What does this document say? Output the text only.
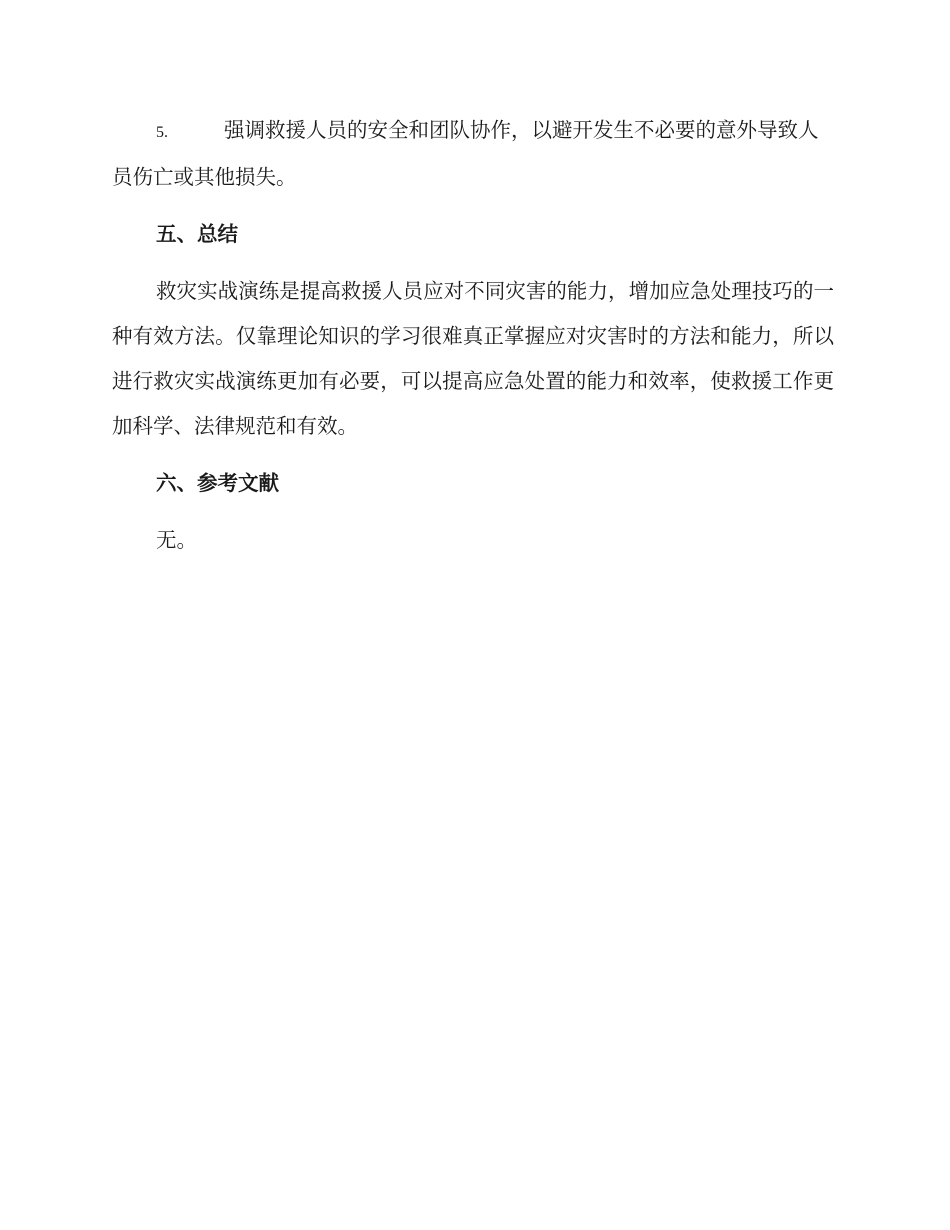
5.	强调救援人员的安全和团队协作，以避开发生不必要的意外导致人员伤亡或其他损失。

五、总结

救灾实战演练是提高救援人员应对不同灾害的能力，增加应急处理技巧的一种有效方法。仅靠理论知识的学习很难真正掌握应对灾害时的方法和能力，所以进行救灾实战演练更加有必要，可以提高应急处置的能力和效率，使救援工作更加科学、法律规范和有效。

六、参考文献

无。
